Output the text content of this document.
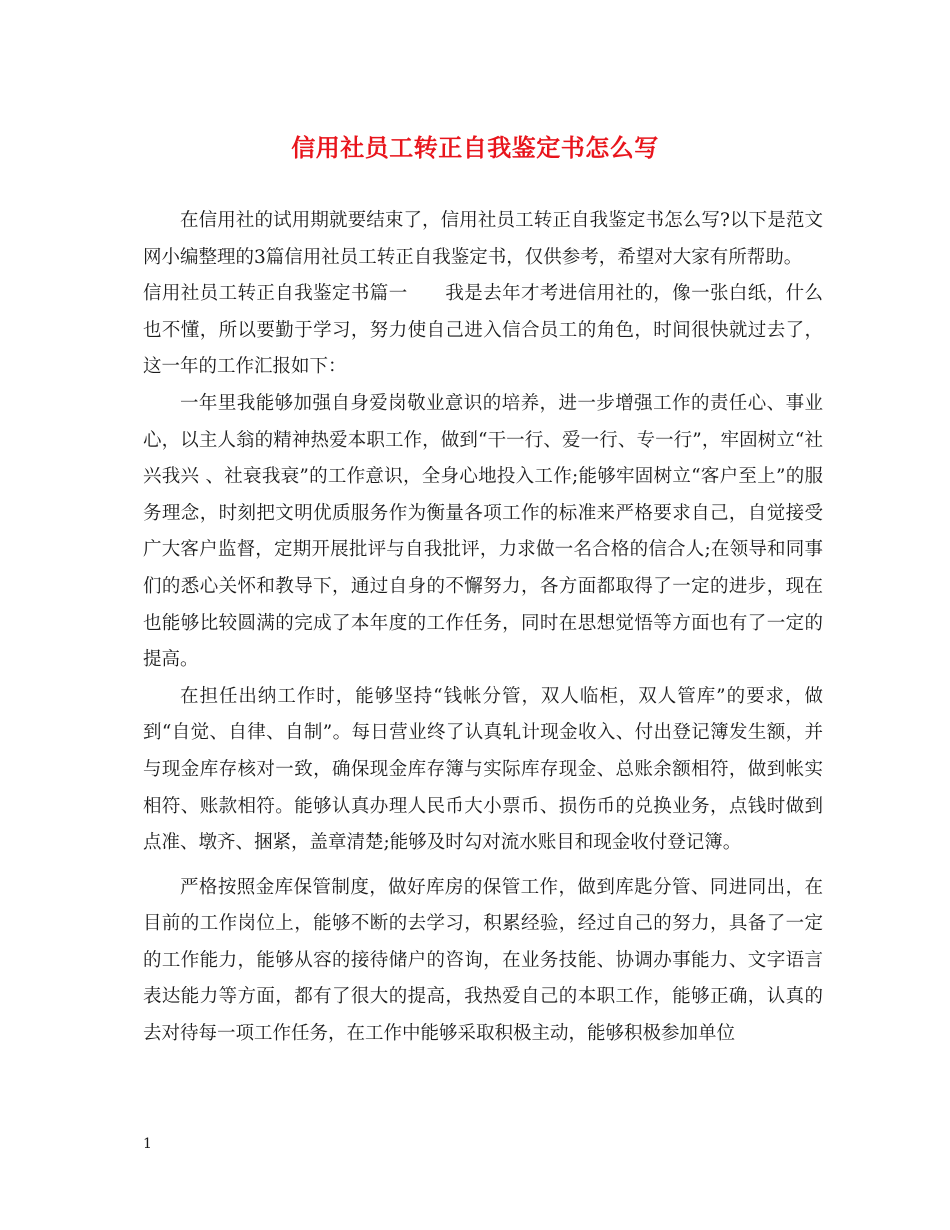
信用社员工转正自我鉴定书怎么写

在信用社的试用期就要结束了，信用社员工转正自我鉴定书怎么写?以下是范文网小编整理的3篇信用社员工转正自我鉴定书，仅供参考，希望对大家有所帮助。

信用社员工转正自我鉴定书篇一　　我是去年才考进信用社的，像一张白纸，什么也不懂，所以要勤于学习，努力使自己进入信合员工的角色，时间很快就过去了，这一年的工作汇报如下：

一年里我能够加强自身爱岗敬业意识的培养，进一步增强工作的责任心、事业心，以主人翁的精神热爱本职工作，做到“干一行、爱一行、专一行”，牢固树立“社兴我兴 、社衰我衰”的工作意识，全身心地投入工作;能够牢固树立“客户至上”的服务理念，时刻把文明优质服务作为衡量各项工作的标准来严格要求自己，自觉接受广大客户监督，定期开展批评与自我批评，力求做一名合格的信合人;在领导和同事们的悉心关怀和教导下，通过自身的不懈努力，各方面都取得了一定的进步，现在也能够比较圆满的完成了本年度的工作任务，同时在思想觉悟等方面也有了一定的提高。

在担任出纳工作时，能够坚持“钱帐分管，双人临柜，双人管库”的要求，做到“自觉、自律、自制”。每日营业终了认真轧计现金收入、付出登记簿发生额，并与现金库存核对一致，确保现金库存簿与实际库存现金、总账余额相符，做到帐实相符、账款相符。能够认真办理人民币大小票币、损伤币的兑换业务，点钱时做到点准、墩齐、捆紧，盖章清楚;能够及时勾对流水账目和现金收付登记簿。

严格按照金库保管制度，做好库房的保管工作，做到库匙分管、同进同出，在目前的工作岗位上，能够不断的去学习，积累经验，经过自己的努力，具备了一定的工作能力，能够从容的接待储户的咨询，在业务技能、协调办事能力、文字语言表达能力等方面，都有了很大的提高，我热爱自己的本职工作，能够正确，认真的去对待每一项工作任务，在工作中能够采取积极主动，能够积极参加单位

1
